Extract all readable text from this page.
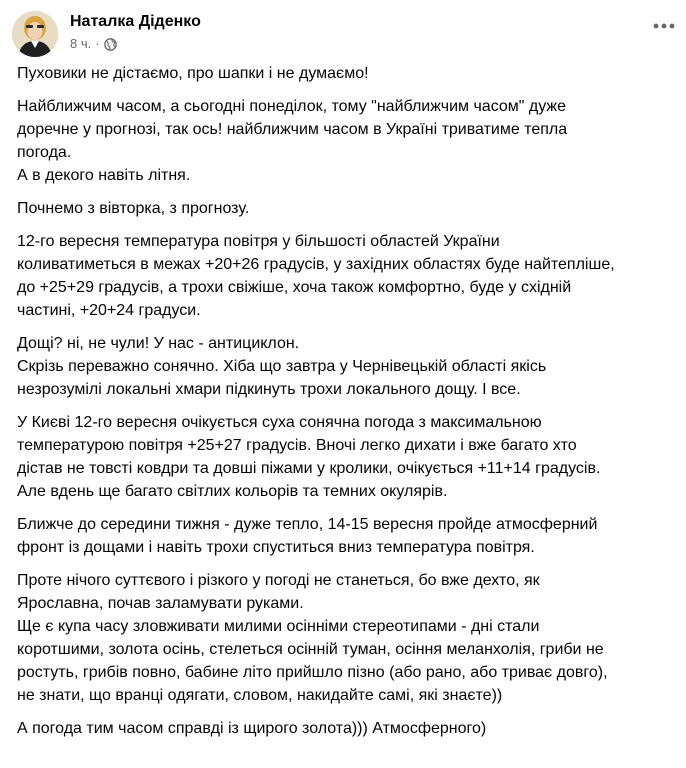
Наталка Діденко
8 ч. ·

Пуховики не дістаємо, про шапки і не думаємо!

Найближчим часом, а сьогодні понеділок, тому "найближчим часом" дуже
доречне у прогнозі, так ось! найближчим часом в Україні триватиме тепла
погода.
А в декого навіть літня.

Почнемо з вівторка, з прогнозу.

12-го вересня температура повітря у більшості областей України
коливатиметься в межах +20+26 градусів, у західних областях буде найтепліше,
до +25+29 градусів, а трохи свіжіше, хоча також комфортно, буде у східній
частині, +20+24 градуси.

Дощі? ні, не чули! У нас - антициклон.
Скрізь переважно сонячно. Хіба що завтра у Чернівецькій області якісь
незрозумілі локальні хмари підкинуть трохи локального дощу. І все.

У Києві 12-го вересня очікується суха сонячна погода з максимальною
температурою повітря +25+27 градусів. Вночі легко дихати і вже багато хто
дістав не товсті ковдри та довші піжами у кролики, очікується +11+14 градусів.
Але вдень ще багато світлих кольорів та темних окулярів.

Ближче до середини тижня - дуже тепло, 14-15 вересня пройде атмосферний
фронт із дощами і навіть трохи спуститься вниз температура повітря.

Проте нічого суттєвого і різкого у погоді не станеться, бо вже дехто, як
Ярославна, почав заламувати руками.
Ще є купа часу зловживати милими осінніми стереотипами - дні стали
коротшими, золота осінь, стелеться осінній туман, осіння меланхолія, гриби не
ростуть, грибів повно, бабине літо прийшло пізно (або рано, або триває довго),
не знати, що вранці одягати, словом, накидайте самі, які знаєте))

А погода тим часом справді із щирого золота))) Атмосферного)
